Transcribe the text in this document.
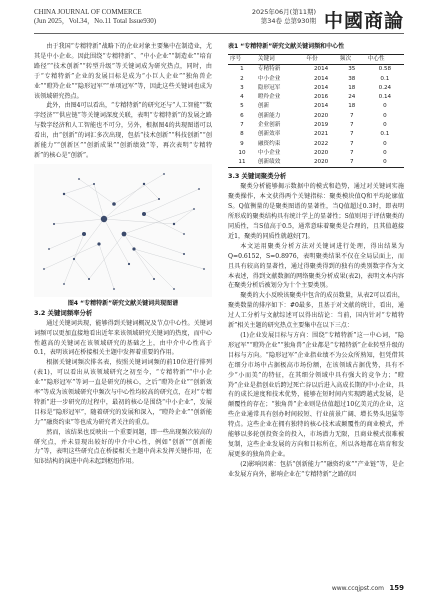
CHINA JOURNAL OF COMMERCE
(Jun 2025，Vol.34，No.11 Total Issue930)
2025年06月(第11期)
第34卷 总第930期 中國商論

由于我国“专精特新”战略下的企业对象主要集中在制造业，尤其是中小企业。因此围绕“专精特新”、“中小企业”“制造业”“培育路径”“技术创新”“转型升级”等关键词成为研究热点，同时，由于“专精特新”企业的发展目标是成为“小巨人企业”“独角兽企业”“瞪羚企业”“隐形冠军”“单项冠军”等，因此这些关键词也成为该领域研究热点。

此外，由图4可以看出，“专精特新”的研究还与“人工智能”“数字经济”“供应链”等关键词深度关联，表明“专精特新”的发展之路与数字经济和人工智能也不可分，另外，根据图4的共现图谱可以看出，由“创新”的词汇多次出现，包括“技术创新”“科技创新”“创新能力”“创新区”“创新成果”“创新绩效”等，再次表明“专精特新”的核心是“创新”。

图4 “专精特新”研究文献关键词共现图谱

3.2 关键词频率分析

通过关键词共现，能够得到关键词概况及节点中心性。关键词词频可以更加直接地看出近年来该领域研究关键词的热度，而中心性越高的关键词在该领域研究的基础之上，由中介中心性高于0.1，表明该词在桥接相关主题中发挥着重要的作用。

根据关键词频次排名表，按照关键词词频的前10位进行排列(表1)，可以看出从该领域研究之初至今，“专精特新”“中小企业”“隐形冠军”等词一直是研究的核心，之后“瞪羚企业”“创新效率”等成为该领域研究中频次与中心性均较高的研究点，在对“专精特新”进一步研究的过程中，最初的核心是围绕“中小企业”，发展目标是“隐形冠军”，随着研究的发展和深入，“瞪羚企业”“创新能力”“融资约束”等也成为研究者关注的重点。

然而，该结果也反映出一个重要问题，即一些出现频次较高的研究点，并未显现出较好的中介中心性，例如“创新”“创新能力”等，表明这些研究点在桥接相关主题中尚未发挥关键作用，在知识结构的演进中尚未起到枢纽作用。

表1 “专精特新”研究文献关键词频和中心性
序号	关键词	年份	频次	中心性
1	专精特新	2014	35	0.58
2	中小企业	2014	38	0.1
3	隐形冠军	2014	18	0.24
4	瞪羚企业	2016	24	0.14
5	创新	2014	18	0
6	创新能力	2020	7	0
7	企业创新	2019	7	0
8	创新效率	2021	7	0.1
9	融资约束	2022	7	0
10	中小企业	2020	7	0
11	创新绩效	2020	7	0

3.3 关键词聚类分析

聚类分析能够揭示数据中的模式和趋势，通过对关键词实施聚类操作，本文获得两个关键指标：聚类模块值Q和平均轮廓值S。Q值衡量的是聚类图谱的显著性，当Q值超过0.3时，即表明所形成的聚类结构具有统计学上的显著性；S值则用于评估聚类的同质性，当S值高于0.5，通常意味着聚类是合理的，且其值越接近1，聚类的同质性就越好[7]。

本文运用聚类分析方法对关键词进行处理，得出结果为Q=0.6152，S=0.8976，表明聚类结果不仅在全局层面上，而且具有较高的显著性，通过得聚类得到的独有的类别数字作为文本表述，得到文献数据的网络聚类分析成果(表2)，表明文本内容在聚类分析后被划分为十个主要类别。

聚类的大小反映该聚类中包含的成员数量，从表2可以看出，聚类数量的排序如下：#0最多，且基于对文献的统计，看出，通过人工分析与文献综述可以得出结论：当前，国内针对“专精特新”相关主题的研究热点主要集中在以下三点：

(1)企业发展目标与方向：围绕“专精特新”这一中心词，“隐形冠军”“瞪羚企业”“独角兽”企业都是“专精特新”企业转型升级的目标与方向。“隐形冠军”企业指业绩不为公众所熟知，但凭借其在细分市场中占据极高市场份额，在该领域占据优势，具有不少“小而美”的特征，在其细分领域中具有强大的竞争力；“瞪羚”企业是指创业后跨过死亡谷以后进入高成长期的中小企业，具有的成长速度和技术优势，能够在短时间内实现跨越式发展，是颠覆性的存在；“独角兽”企业则是估值超过10亿美元的企业，这些企业通常具有创办时间较短、行业前景广阔、增长势头迅猛等特点。这些企业在拥有独特的核心技术或颠覆性的商业模式，并能够以多轮创投资金的投入，市场潜力无限，且商业模式很难被复制，这些企业发展的方向和目标所在，所以各地都在培育和发展更多的独角兽企业。

(2)影响因素：包括“创新能力”“融资约束”“产业链”等，是企业发展方向外，影响企业在“专精特新”之路的因

www.ccqjpst.com 159
